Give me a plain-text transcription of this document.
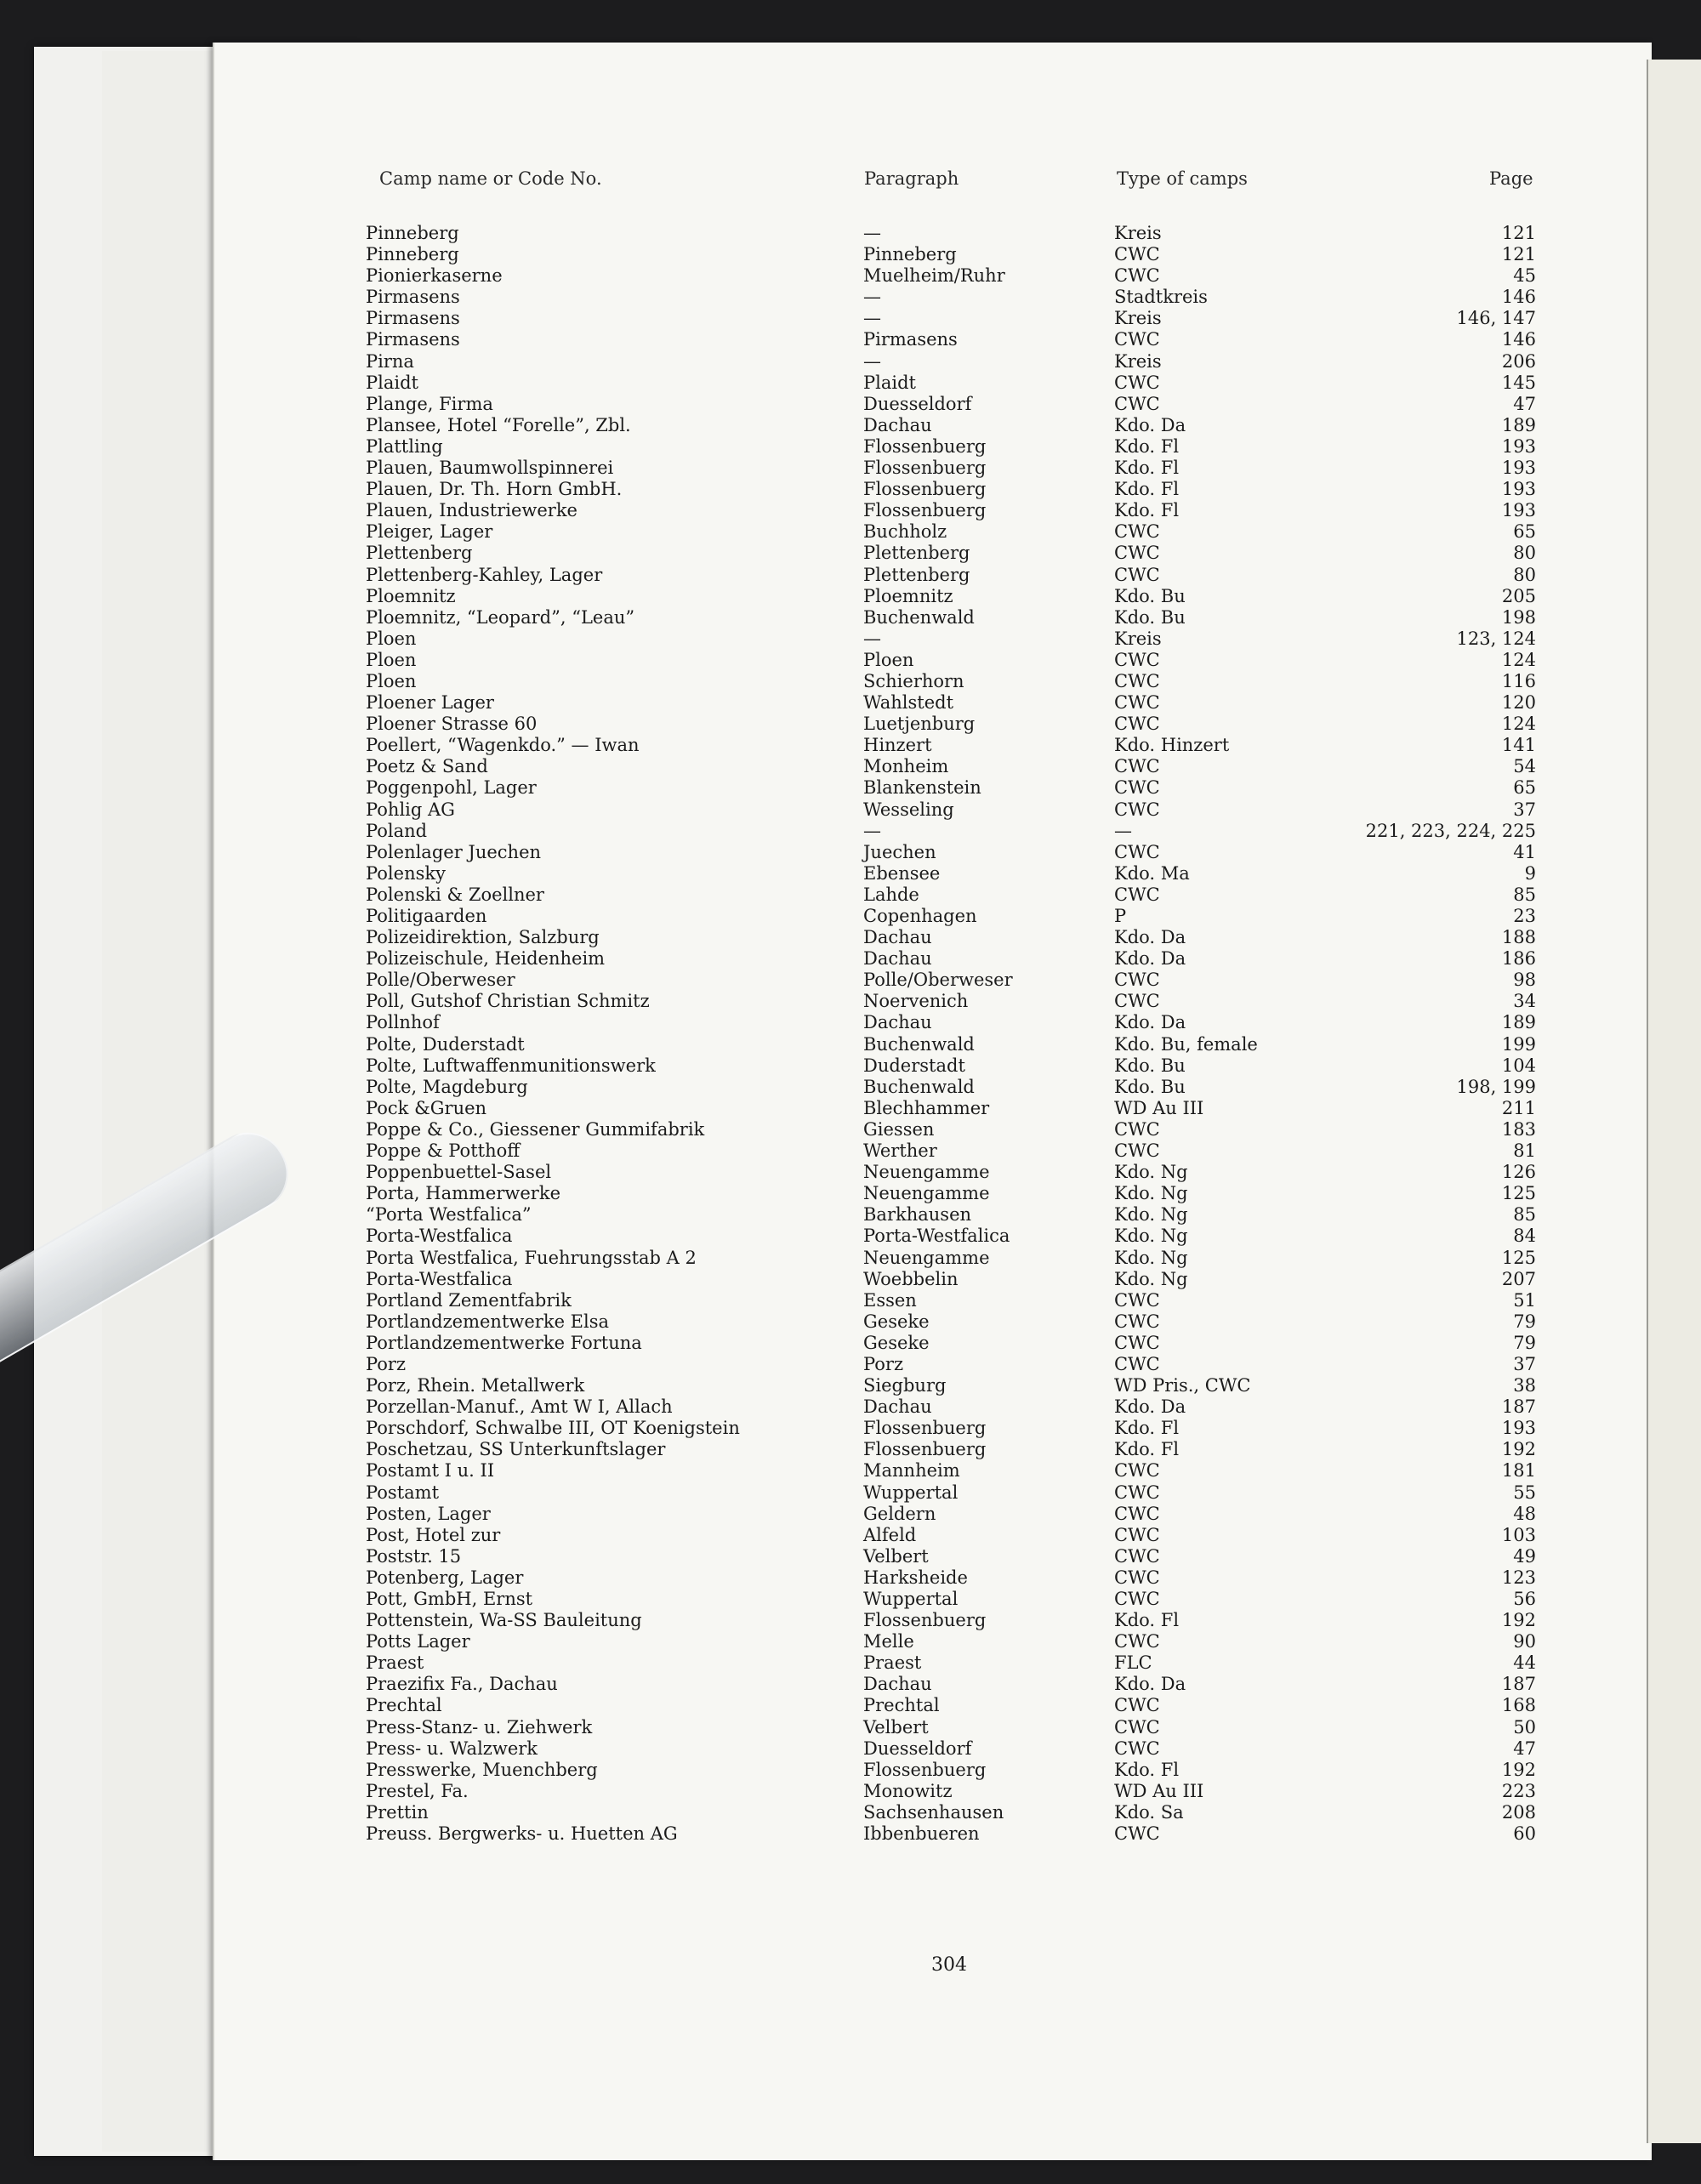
Camp name or Code No.	Paragraph	Type of camps	Page
Pinneberg	—	Kreis	121
Pinneberg	Pinneberg	CWC	121
Pionierkaserne	Muelheim/Ruhr	CWC	45
Pirmasens	—	Stadtkreis	146
Pirmasens	—	Kreis	146, 147
Pirmasens	Pirmasens	CWC	146
Pirna	—	Kreis	206
Plaidt	Plaidt	CWC	145
Plange, Firma	Duesseldorf	CWC	47
Plansee, Hotel “Forelle”, Zbl.	Dachau	Kdo. Da	189
Plattling	Flossenbuerg	Kdo. Fl	193
Plauen, Baumwollspinnerei	Flossenbuerg	Kdo. Fl	193
Plauen, Dr. Th. Horn GmbH.	Flossenbuerg	Kdo. Fl	193
Plauen, Industriewerke	Flossenbuerg	Kdo. Fl	193
Pleiger, Lager	Buchholz	CWC	65
Plettenberg	Plettenberg	CWC	80
Plettenberg-Kahley, Lager	Plettenberg	CWC	80
Ploemnitz	Ploemnitz	Kdo. Bu	205
Ploemnitz, “Leopard”, “Leau”	Buchenwald	Kdo. Bu	198
Ploen	—	Kreis	123, 124
Ploen	Ploen	CWC	124
Ploen	Schierhorn	CWC	116
Ploener Lager	Wahlstedt	CWC	120
Ploener Strasse 60	Luetjenburg	CWC	124
Poellert, “Wagenkdo.” — Iwan	Hinzert	Kdo. Hinzert	141
Poetz & Sand	Monheim	CWC	54
Poggenpohl, Lager	Blankenstein	CWC	65
Pohlig AG	Wesseling	CWC	37
Poland	—	—	221, 223, 224, 225
Polenlager Juechen	Juechen	CWC	41
Polensky	Ebensee	Kdo. Ma	9
Polenski & Zoellner	Lahde	CWC	85
Politigaarden	Copenhagen	P	23
Polizeidirektion, Salzburg	Dachau	Kdo. Da	188
Polizeischule, Heidenheim	Dachau	Kdo. Da	186
Polle/Oberweser	Polle/Oberweser	CWC	98
Poll, Gutshof Christian Schmitz	Noervenich	CWC	34
Pollnhof	Dachau	Kdo. Da	189
Polte, Duderstadt	Buchenwald	Kdo. Bu, female	199
Polte, Luftwaffenmunitionswerk	Duderstadt	Kdo. Bu	104
Polte, Magdeburg	Buchenwald	Kdo. Bu	198, 199
Pock &Gruen	Blechhammer	WD Au III	211
Poppe & Co., Giessener Gummifabrik	Giessen	CWC	183
Poppe & Potthoff	Werther	CWC	81
Poppenbuettel-Sasel	Neuengamme	Kdo. Ng	126
Porta, Hammerwerke	Neuengamme	Kdo. Ng	125
“Porta Westfalica”	Barkhausen	Kdo. Ng	85
Porta-Westfalica	Porta-Westfalica	Kdo. Ng	84
Porta Westfalica, Fuehrungsstab A 2	Neuengamme	Kdo. Ng	125
Porta-Westfalica	Woebbelin	Kdo. Ng	207
Portland Zementfabrik	Essen	CWC	51
Portlandzementwerke Elsa	Geseke	CWC	79
Portlandzementwerke Fortuna	Geseke	CWC	79
Porz	Porz	CWC	37
Porz, Rhein. Metallwerk	Siegburg	WD Pris., CWC	38
Porzellan-Manuf., Amt W I, Allach	Dachau	Kdo. Da	187
Porschdorf, Schwalbe III, OT Koenigstein	Flossenbuerg	Kdo. Fl	193
Poschetzau, SS Unterkunftslager	Flossenbuerg	Kdo. Fl	192
Postamt I u. II	Mannheim	CWC	181
Postamt	Wuppertal	CWC	55
Posten, Lager	Geldern	CWC	48
Post, Hotel zur	Alfeld	CWC	103
Poststr. 15	Velbert	CWC	49
Potenberg, Lager	Harksheide	CWC	123
Pott, GmbH, Ernst	Wuppertal	CWC	56
Pottenstein, Wa-SS Bauleitung	Flossenbuerg	Kdo. Fl	192
Potts Lager	Melle	CWC	90
Praest	Praest	FLC	44
Praezifix Fa., Dachau	Dachau	Kdo. Da	187
Prechtal	Prechtal	CWC	168
Press-Stanz- u. Ziehwerk	Velbert	CWC	50
Press- u. Walzwerk	Duesseldorf	CWC	47
Presswerke, Muenchberg	Flossenbuerg	Kdo. Fl	192
Prestel, Fa.	Monowitz	WD Au III	223
Prettin	Sachsenhausen	Kdo. Sa	208
Preuss. Bergwerks- u. Huetten AG	Ibbenbueren	CWC	60
304
